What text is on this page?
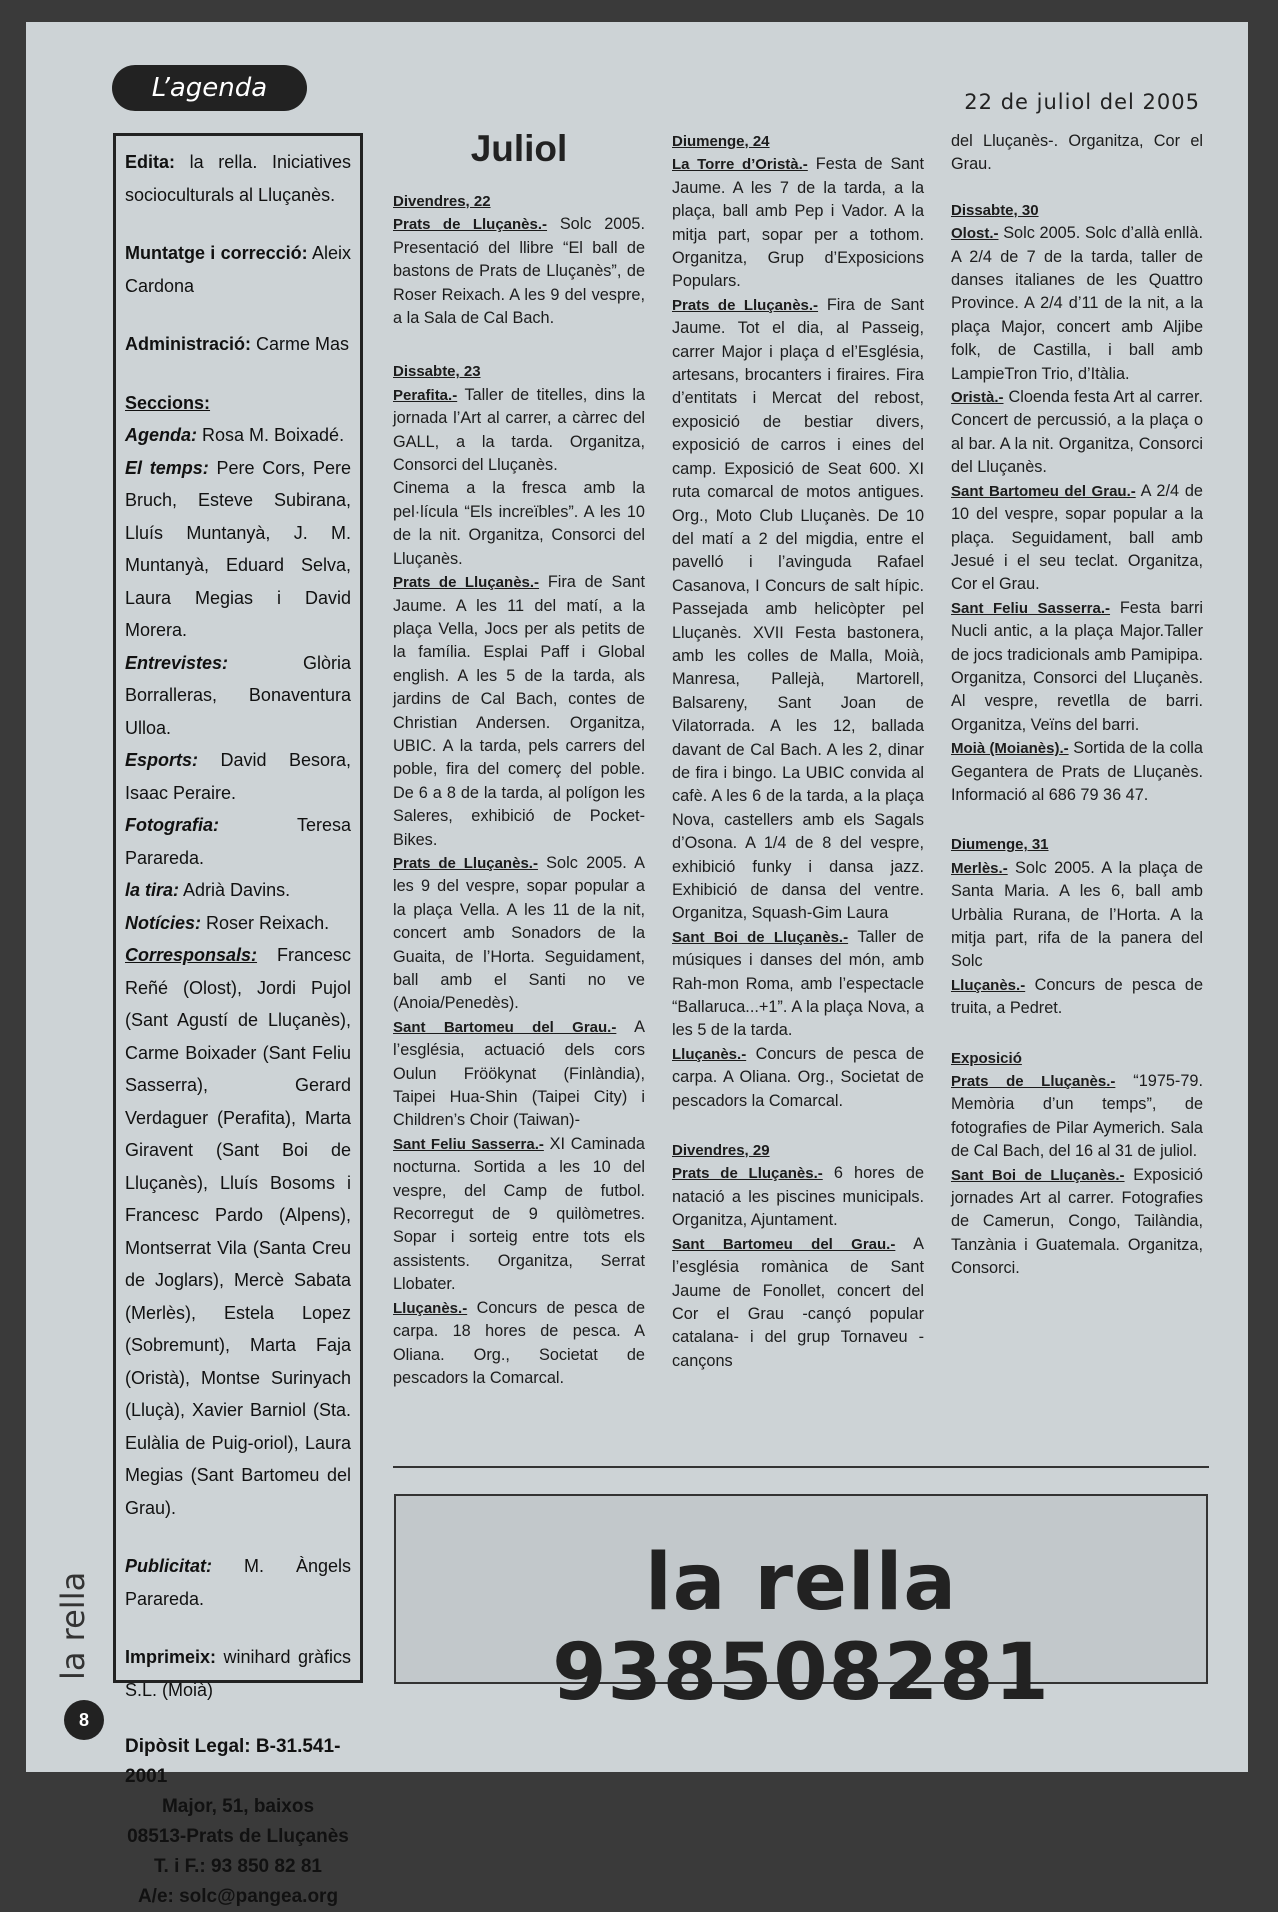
L’agenda	22 de juliol del 2005

Edita: la rella. Iniciatives socioculturals al Lluçanès.

Muntatge i correcció: Aleix Cardona

Administració: Carme Mas

Seccions:

Agenda: Rosa M. Boixadé.

El temps: Pere Cors, Pere Bruch, Esteve Subirana, Lluís Muntanyà, J. M. Muntanyà, Eduard Selva, Laura Megias i David Morera.

Entrevistes: Glòria Borralleras, Bonaventura Ulloa.

Esports: David Besora, Isaac Peraire.

Fotografia: Teresa Parareda.

la tira: Adrià Davins.

Notícies: Roser Reixach.

Corresponsals: Francesc Reñé (Olost), Jordi Pujol (Sant Agustí de Lluçanès), Carme Boixader (Sant Feliu Sasserra), Gerard Verdaguer (Perafita), Marta Giravent (Sant Boi de Lluçanès), Lluís Bosoms i Francesc Pardo (Alpens), Montserrat Vila (Santa Creu de Joglars), Mercè Sabata (Merlès), Estela Lopez (Sobremunt), Marta Faja (Oristà), Montse Surinyach (Lluçà), Xavier Barniol (Sta. Eulàlia de Puig-oriol), Laura Megias (Sant Bartomeu del Grau).

Publicitat: M. Àngels Parareda.

Imprimeix: winihard gràfics S.L. (Moià)

Dipòsit Legal: B-31.541-2001
Major, 51, baixos
08513-Prats de Lluçanès
T. i F.: 93 850 82 81
A/e: solc@pangea.org
Juliol
Divendres, 22

Prats de Lluçanès.- Solc 2005. Presentació del llibre “El ball de bastons de Prats de Lluçanès”, de Roser Reixach. A les 9 del vespre, a la Sala de Cal Bach.

Dissabte, 23

Perafita.- Taller de titelles, dins la jornada l’Art al carrer, a càrrec del GALL, a la tarda. Organitza, Consorci del Lluçanès.

Cinema a la fresca amb la pel·lícula “Els increïbles”. A les 10 de la nit. Organitza, Consorci del Lluçanès.

Prats de Lluçanès.- Fira de Sant Jaume. A les 11 del matí, a la plaça Vella, Jocs per als petits de la família. Esplai Paff i Global english. A les 5 de la tarda, als jardins de Cal Bach, contes de Christian Andersen. Organitza, UBIC. A la tarda, pels carrers del poble, fira del comerç del poble. De 6 a 8 de la tarda, al polígon les Saleres, exhibició de Pocket-Bikes.

Prats de Lluçanès.- Solc 2005. A les 9 del vespre, sopar popular a la plaça Vella. A les 11 de la nit, concert amb Sonadors de la Guaita, de l’Horta. Seguidament, ball amb el Santi no ve (Anoia/Penedès).

Sant Bartomeu del Grau.- A l’església, actuació dels cors Oulun Fröökynat (Finlàndia), Taipei Hua-Shin (Taipei City) i Children’s Choir (Taiwan)-

Sant Feliu Sasserra.- XI Caminada nocturna. Sortida a les 10 del vespre, del Camp de futbol. Recorregut de 9 quilòmetres. Sopar i sorteig entre tots els assistents. Organitza, Serrat Llobater.

Lluçanès.- Concurs de pesca de carpa. 18 hores de pesca. A Oliana. Org., Societat de pescadors la Comarcal.

Diumenge, 24

La Torre d’Oristà.- Festa de Sant Jaume. A les 7 de la tarda, a la plaça, ball amb Pep i Vador. A la mitja part, sopar per a tothom. Organitza, Grup d’Exposicions Populars.

Prats de Lluçanès.- Fira de Sant Jaume. Tot el dia, al Passeig, carrer Major i plaça d el’Església, artesans, brocanters i firaires. Fira d’entitats i Mercat del rebost, exposició de bestiar divers, exposició de carros i eines del camp. Exposició de Seat 600. XI ruta comarcal de motos antigues. Org., Moto Club Lluçanès. De 10 del matí a 2 del migdia, entre el pavelló i l’avinguda Rafael Casanova, I Concurs de salt hípic. Passejada amb helicòpter pel Lluçanès. XVII Festa bastonera, amb les colles de Malla, Moià, Manresa, Pallejà, Martorell, Balsareny, Sant Joan de Vilatorrada. A les 12, ballada davant de Cal Bach. A les 2, dinar de fira i bingo. La UBIC convida al cafè. A les 6 de la tarda, a la plaça Nova, castellers amb els Sagals d’Osona. A 1/4 de 8 del vespre, exhibició funky i dansa jazz. Exhibició de dansa del ventre. Organitza, Squash-Gim Laura

Sant Boi de Lluçanès.- Taller de músiques i danses del món, amb Rah-mon Roma, amb l’espectacle “Ballaruca...+1”. A la plaça Nova, a les 5 de la tarda.

Lluçanès.- Concurs de pesca de carpa. A Oliana. Org., Societat de pescadors la Comarcal.

Divendres, 29

Prats de Lluçanès.- 6 hores de natació a les piscines municipals. Organitza, Ajuntament.

Sant Bartomeu del Grau.- A l’església romànica de Sant Jaume de Fonollet, concert del Cor el Grau -cançó popular catalana- i del grup Tornaveu -cançons

del Lluçanès-. Organitza, Cor el Grau.

Dissabte, 30

Olost.- Solc 2005. Solc d’allà enllà. A 2/4 de 7 de la tarda, taller de danses italianes de les Quattro Province. A 2/4 d’11 de la nit, a la plaça Major, concert amb Aljibe folk, de Castilla, i ball amb LampieTron Trio, d’Itàlia.

Oristà.- Cloenda festa Art al carrer. Concert de percussió, a la plaça o al bar. A la nit. Organitza, Consorci del Lluçanès.

Sant Bartomeu del Grau.- A 2/4 de 10 del vespre, sopar popular a la plaça. Seguidament, ball amb Jesué i el seu teclat. Organitza, Cor el Grau.

Sant Feliu Sasserra.- Festa barri Nucli antic, a la plaça Major.Taller de jocs tradicionals amb Pamipipa. Organitza, Consorci del Lluçanès. Al vespre, revetlla de barri. Organitza, Veïns del barri.

Moià (Moianès).- Sortida de la colla Gegantera de Prats de Lluçanès. Informació al 686 79 36 47.

Diumenge, 31

Merlès.- Solc 2005. A la plaça de Santa Maria. A les 6, ball amb Urbàlia Rurana, de l’Horta. A la mitja part, rifa de la panera del Solc

Lluçanès.- Concurs de pesca de truita, a Pedret.

Exposició

Prats de Lluçanès.- “1975-79. Memòria d’un temps”, de fotografies de Pilar Aymerich. Sala de Cal Bach, del 16 al 31 de juliol.

Sant Boi de Lluçanès.- Exposició jornades Art al carrer. Fotografies de Camerun, Congo, Tailàndia, Tanzània i Guatemala. Organitza, Consorci.

la rella 938508281
la rella
8
